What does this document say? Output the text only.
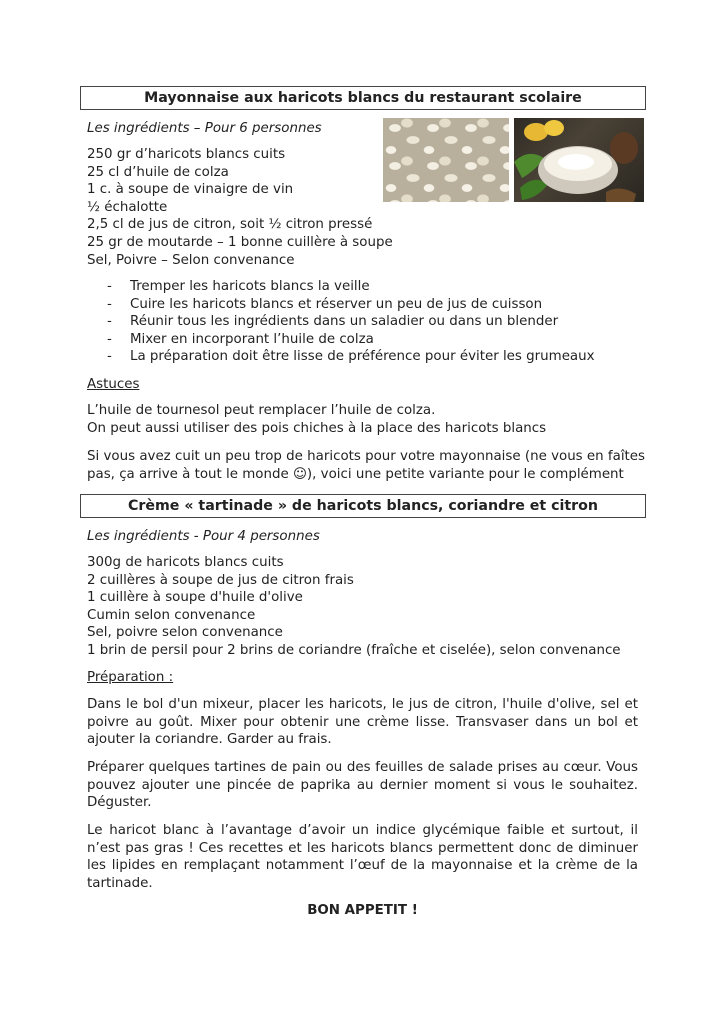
Mayonnaise aux haricots blancs du restaurant scolaire
Les ingrédients – Pour 6 personnes
250 gr d’haricots blancs cuits
25 cl d’huile de colza
1 c. à soupe de vinaigre de vin
½ échalotte
2,5 cl de jus de citron, soit ½ citron pressé
25 gr de moutarde – 1 bonne cuillère à soupe
Sel, Poivre – Selon convenance
- Tremper les haricots blancs la veille
- Cuire les haricots blancs et réserver un peu de jus de cuisson
- Réunir tous les ingrédients dans un saladier ou dans un blender
- Mixer en incorporant l’huile de colza
- La préparation doit être lisse de préférence pour éviter les grumeaux
Astuces
L’huile de tournesol peut remplacer l’huile de colza.
On peut aussi utiliser des pois chiches à la place des haricots blancs
Si vous avez cuit un peu trop de haricots pour votre mayonnaise (ne vous en faîtes
pas, ça arrive à tout le monde ☺), voici une petite variante pour le complément
Crème « tartinade » de haricots blancs, coriandre et citron
Les ingrédients - Pour 4 personnes
300g de haricots blancs cuits
2 cuillères à soupe de jus de citron frais
1 cuillère à soupe d'huile d'olive
Cumin selon convenance
Sel, poivre selon convenance
1 brin de persil pour 2 brins de coriandre (fraîche et ciselée), selon convenance
Préparation :
Dans le bol d'un mixeur, placer les haricots, le jus de citron, l'huile d'olive, sel et poivre au goût. Mixer pour obtenir une crème lisse. Transvaser dans un bol et ajouter la coriandre. Garder au frais.
Préparer quelques tartines de pain ou des feuilles de salade prises au cœur. Vous pouvez ajouter une pincée de paprika au dernier moment si vous le souhaitez. Déguster.
Le haricot blanc à l’avantage d’avoir un indice glycémique faible et surtout, il n’est pas gras ! Ces recettes et les haricots blancs permettent donc de diminuer les lipides en remplaçant notamment l’œuf de la mayonnaise et la crème de la tartinade.
BON APPETIT !
